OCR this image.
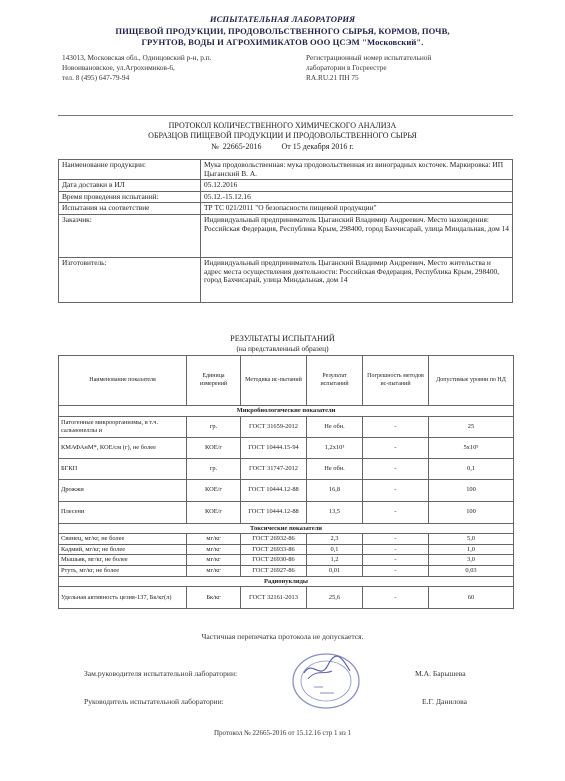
ИСПЫТАТЕЛЬНАЯ ЛАБОРАТОРИЯ
ПИЩЕВОЙ ПРОДУКЦИИ, ПРОДОВОЛЬСТВЕННОГО СЫРЬЯ, КОРМОВ, ПОЧВ,
ГРУНТОВ, ВОДЫ И АГРОХИМИКАТОВ ООО ЦСЭМ "Московский".
143013, Московская обл., Одинцовский р-н, р.п.
Новоивановское, ул.Агрохимиков-6,
тел. 8 (495) 647-79-94
Регистрационный номер испытательной
лаборатории в Госреестре
RA.RU.21 ПН 75
ПРОТОКОЛ КОЛИЧЕСТВЕННОГО ХИМИЧЕСКОГО АНАЛИЗА
ОБРАЗЦОВ ПИЩЕВОЙ ПРОДУКЦИИ И ПРОДОВОЛЬСТВЕННОГО СЫРЬЯ
№  22665-2016          От 15 декабря 2016 г.
Наименование продукции:	Мука продовольственная: мука продовольственная из виноградных косточек. Маркировка: ИП Цыганский В. А.
Дата доставки в ИЛ	05.12.2016
Время проведения испытаний:	05.12.-15.12.16
Испытания на соответствие	ТР ТС 021/2011 "О безопасности пищевой продукции"
Заказчик:	Индивидуальный предприниматель Цыганский Владимир Андреевич. Место нахождения: Российская Федерация, Республика Крым, 298400, город Бахчисарай, улица Миндальная, дом 14
Изготовитель:	Индивидуальный предприниматель Цыганский Владимир Андреевич, Место жительства и адрес места осуществления деятельности: Российская Федерация, Республика Крым, 298400, город Бахчисарай, улица Миндальная, дом 14
РЕЗУЛЬТАТЫ ИСПЫТАНИЙ
(на представленный образец)
Наименование показателя	Единица измерений	Методика ис-пытаний	Результат испытаний	Погрешность методов ис-пытаний	Допустимые уровни по НД
Микробиологические показатели					
Патогенные микроорганизмы, в т.ч. сальмонеллы и	гр.	ГОСТ 31659-2012	Не обн.	-	25
КМАФАнМ*, КОЕ/см (г), не более	КОЕ/г	ГОСТ 10444.15-94	1,2x10³	-	5x10⁵
БГКП	гр.	ГОСТ 31747-2012	Не обн.	-	0,1
Дрожжи	КОЕ/г	ГОСТ 10444.12-88	16,8	-	100
Плесени	КОЕ/г	ГОСТ 10444.12-88	13,5	-	100
Токсические показатели					
Свинец, мг/кг, не более	мг/кг	ГОСТ 26932-86	2,3	-	5,0
Кадмий, мг/кг, не более	мг/кг	ГОСТ 26933-86	0,1	-	1,0
Мышьяк, мг/кг, не более	мг/кг	ГОСТ 26930-86	1,2	-	3,0
Ртуть, мг/кг, не более	мг/кг	ГОСТ 26927-86	0,01	-	0,03
Радионуклиды					
Удельная активность цезия-137, Бк/кг(л)	Бк/кг	ГОСТ 32161-2013	25,6	-	60
Частичная перепечатка протокола не допускается.
Зам.руководителя испытательной лаборатории:	М.А. Барышева
Руководитель испытательной лаборатории:	Е.Г. Данилова
Протокол № 22665-2016 от 15.12.16 стр 1 из 1
